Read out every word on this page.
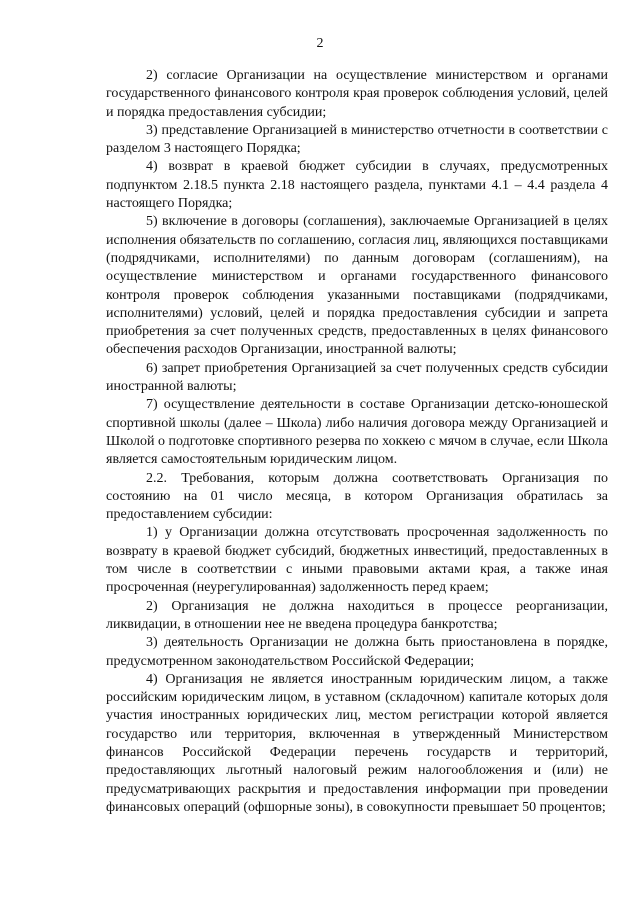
2

2) согласие Организации на осуществление министерством и органами государственного финансового контроля края проверок соблюдения условий, целей и порядка предоставления субсидии;

3) представление Организацией в министерство отчетности в соответствии с разделом 3 настоящего Порядка;

4) возврат в краевой бюджет субсидии в случаях, предусмотренных подпунктом 2.18.5 пункта 2.18 настоящего раздела, пунктами 4.1 – 4.4 раздела 4 настоящего Порядка;

5) включение в договоры (соглашения), заключаемые Организацией в целях исполнения обязательств по соглашению, согласия лиц, являющихся поставщиками (подрядчиками, исполнителями) по данным договорам (соглашениям), на осуществление министерством и органами государственного финансового контроля проверок соблюдения указанными поставщиками (подрядчиками, исполнителями) условий, целей и порядка предоставления субсидии и запрета приобретения за счет полученных средств, предоставленных в целях финансового обеспечения расходов Организации, иностранной валюты;

6) запрет приобретения Организацией за счет полученных средств субсидии иностранной валюты;

7) осуществление деятельности в составе Организации детско-юношеской спортивной школы (далее – Школа) либо наличия договора между Организацией и Школой о подготовке спортивного резерва по хоккею с мячом в случае, если Школа является самостоятельным юридическим лицом.

2.2. Требования, которым должна соответствовать Организация по состоянию на 01 число месяца, в котором Организация обратилась за предоставлением субсидии:

1) у Организации должна отсутствовать просроченная задолженность по возврату в краевой бюджет субсидий, бюджетных инвестиций, предоставленных в том числе в соответствии с иными правовыми актами края, а также иная просроченная (неурегулированная) задолженность перед краем;

2) Организация не должна находиться в процессе реорганизации, ликвидации, в отношении нее не введена процедура банкротства;

3) деятельность Организации не должна быть приостановлена в порядке, предусмотренном законодательством Российской Федерации;

4) Организация не является иностранным юридическим лицом, а также российским юридическим лицом, в уставном (складочном) капитале которых доля участия иностранных юридических лиц, местом регистрации которой является государство или территория, включенная в утвержденный Министерством финансов Российской Федерации перечень государств и территорий, предоставляющих льготный налоговый режим налогообложения и (или) не предусматривающих раскрытия и предоставления информации при проведении финансовых операций (офшорные зоны), в совокупности превышает 50 процентов;
